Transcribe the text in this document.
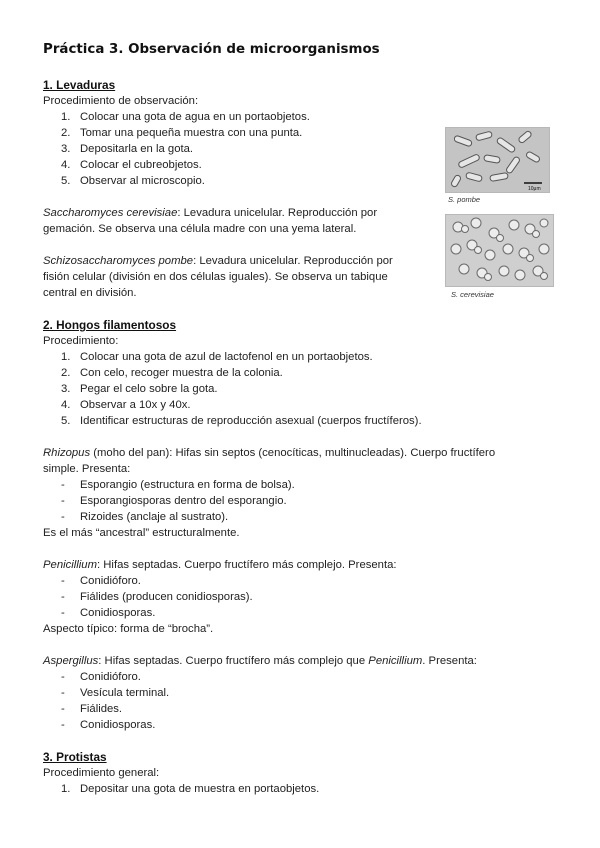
Práctica 3. Observación de microorganismos
1. Levaduras
Procedimiento de observación:
1. Colocar una gota de agua en un portaobjetos.
2. Tomar una pequeña muestra con una punta.
3. Depositarla en la gota.
4. Colocar el cubreobjetos.
5. Observar al microscopio.
Saccharomyces cerevisiae: Levadura unicelular. Reproducción por
gemación. Se observa una célula madre con una yema lateral.
Schizosaccharomyces pombe: Levadura unicelular. Reproducción por
fisión celular (división en dos células iguales). Se observa un tabique
central en división.
10μm
S. pombe
S. cerevisiae
2. Hongos filamentosos
Procedimiento:
1. Colocar una gota de azul de lactofenol en un portaobjetos.
2. Con celo, recoger muestra de la colonia.
3. Pegar el celo sobre la gota.
4. Observar a 10x y 40x.
5. Identificar estructuras de reproducción asexual (cuerpos fructíferos).
Rhizopus (moho del pan): Hifas sin septos (cenocíticas, multinucleadas). Cuerpo fructífero
simple. Presenta:
- Esporangio (estructura en forma de bolsa).
- Esporangiosporas dentro del esporangio.
- Rizoides (anclaje al sustrato).
Es el más “ancestral” estructuralmente.
Penicillium: Hifas septadas. Cuerpo fructífero más complejo. Presenta:
- Conidióforo.
- Fiálides (producen conidiosporas).
- Conidiosporas.
Aspecto típico: forma de “brocha”.
Aspergillus: Hifas septadas. Cuerpo fructífero más complejo que Penicillium. Presenta:
- Conidióforo.
- Vesícula terminal.
- Fiálides.
- Conidiosporas.
3. Protistas
Procedimiento general:
1. Depositar una gota de muestra en portaobjetos.
